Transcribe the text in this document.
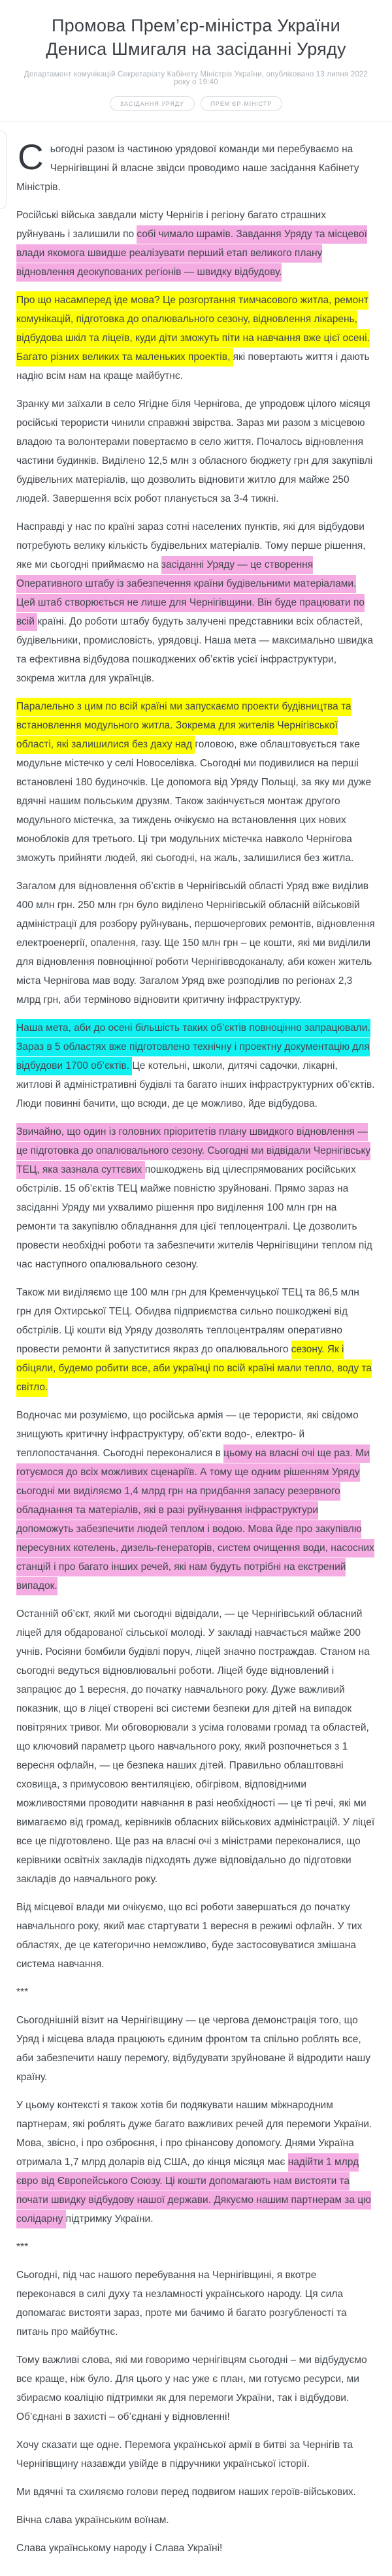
Промова Прем’єр-міністра України Дениса Шмигаля на засіданні Уряду
Департамент комунікацій Секретаріату Кабінету Міністрів України, опубліковано 13 липня 2022 року о 19:40
ЗАСІДАННЯ УРЯДУ	ПРЕМ’ЄР-МІНІСТР

Сьогодні разом із частиною урядової команди ми перебуваємо на Чернігівщині й власне звідси проводимо наше засідання Кабінету Міністрів.

Російські війська завдали місту Чернігів і регіону багато страшних руйнувань і залишили по собі чимало шрамів. Завдання Уряду та місцевої влади якомога швидше реалізувати перший етап великого плану відновлення деокупованих регіонів — швидку відбудову.

Про що насамперед іде мова? Це розгортання тимчасового житла, ремонт комунікацій, підготовка до опалювального сезону, відновлення лікарень, відбудова шкіл та ліцеїв, куди діти зможуть піти на навчання вже цієї осені. Багато різних великих та маленьких проектів, які повертають життя і дають надію всім нам на краще майбутнє.

Зранку ми заїхали в село Ягідне біля Чернігова, де упродовж цілого місяця російські терористи чинили справжні звірства. Зараз ми разом з місцевою владою та волонтерами повертаємо в село життя. Почалось відновлення частини будинків. Виділено 12,5 млн з обласного бюджету грн для закупівлі будівельних матеріалів, що дозволить відновити житло для майже 250 людей. Завершення всіх робот планується за 3-4 тижні.

Насправді у нас по країні зараз сотні населених пунктів, які для відбудови потребують велику кількість будівельних матеріалів. Тому перше рішення, яке ми сьогодні приймаємо на засіданні Уряду — це створення Оперативного штабу із забезпечення країни будівельними матеріалами. Цей штаб створюється не лише для Чернігівщини. Він буде працювати по всій країні. До роботи штабу будуть залучені представники всіх областей, будівельники, промисловість, урядовці. Наша мета — максимально швидка та ефективна відбудова пошкоджених об’єктів усієї інфраструктури, зокрема житла для українців.

Паралельно з цим по всій країні ми запускаємо проекти будівництва та встановлення модульного житла. Зокрема для жителів Чернігівської області, які залишилися без даху над головою, вже облаштовується таке модульне містечко у селі Новоселівка. Сьогодні ми подивилися на перші встановлені 180 будиночків. Це допомога від Уряду Польщі, за яку ми дуже вдячні нашим польським друзям. Також закінчується монтаж другого модульного містечка, за тиждень очікуємо на встановлення цих нових моноблоків для третього. Ці три модульних містечка навколо Чернігова зможуть прийняти людей, які сьогодні, на жаль, залишилися без житла.

Загалом для відновлення об’єктів в Чернігівській області Уряд вже виділив 400 млн грн. 250 млн грн було виділено Чернігівській обласній військовій адміністрації для розбору руйнувань, першочергових ремонтів, відновлення електроенергії, опалення, газу. Ще 150 млн грн – це кошти, які ми виділили для відновлення повноцінної роботи Чернігівводоканалу, аби кожен житель міста Чернігова мав воду. Загалом Уряд вже розподілив по регіонах 2,3 млрд грн, аби терміново відновити критичну інфраструктуру.

Наша мета, аби до осені більшість таких об’єктів повноцінно запрацювали. Зараз в 5 областях вже підготовлено технічну і проектну документацію для відбудови 1700 об’єктів. Це котельні, школи, дитячі садочки, лікарні, житлові й адміністративні будівлі та багато інших інфраструктурних об’єктів. Люди повинні бачити, що всюди, де це можливо, йде відбудова.

Звичайно, що один із головних пріоритетів плану швидкого відновлення — це підготовка до опалювального сезону. Сьогодні ми відвідали Чернігівську ТЕЦ, яка зазнала суттєвих пошкоджень від цілеспрямованих російських обстрілів. 15 об’єктів ТЕЦ майже повністю зруйновані. Прямо зараз на засіданні Уряду ми ухвалимо рішення про виділення 100 млн грн на ремонти та закупівлю обладнання для цієї теплоцентралі. Це дозволить провести необхідні роботи та забезпечити жителів Чернігівщини теплом під час наступного опалювального сезону.

Також ми виділяємо ще 100 млн грн для Кременчуцької ТЕЦ та 86,5 млн грн для Охтирської ТЕЦ. Обидва підприємства сильно пошкоджені від обстрілів. Ці кошти від Уряду дозволять теплоцентралям оперативно провести ремонти й запуститися якраз до опалювального сезону. Як і обіцяли, будемо робити все, аби українці по всій країні мали тепло, воду та світло.

Водночас ми розуміємо, що російська армія — це терористи, які свідомо знищують критичну інфраструктуру, об’єкти водо-, електро- й теплопостачання. Сьогодні переконалися в цьому на власні очі ще раз. Ми готуємося до всіх можливих сценаріїв. А тому ще одним рішенням Уряду сьогодні ми виділяємо 1,4 млрд грн на придбання запасу резервного обладнання та матеріалів, які в разі руйнування інфраструктури допоможуть забезпечити людей теплом і водою. Мова йде про закупівлю пересувних котелень, дизель-генераторів, систем очищення води, насосних станцій і про багато інших речей, які нам будуть потрібні на екстрений випадок.

Останній об’єкт, який ми сьогодні відвідали, — це Чернігівський обласний ліцей для обдарованої сільської молоді. У закладі навчається майже 200 учнів. Росіяни бомбили будівлі поруч, ліцей значно постраждав. Станом на сьогодні ведуться відновлювальні роботи. Ліцей буде відновлений і запрацює до 1 вересня, до початку навчального року. Дуже важливий показник, що в ліцеї створені всі системи безпеки для дітей на випадок повітряних тривог. Ми обговорювали з усіма головами громад та областей, що ключовий параметр цього навчального року, який розпочнеться з 1 вересня офлайн, — це безпека наших дітей. Правильно облаштовані сховища, з примусовою вентиляцією, обігрівом, відповідними можливостями проводити навчання в разі необхідності — це ті речі, які ми вимагаємо від громад, керівників обласних військових адміністрацій. У ліцеї все це підготовлено. Ще раз на власні очі з міністрами переконалися, що керівники освітніх закладів підходять дуже відповідально до підготовки закладів до навчального року.

Від місцевої влади ми очікуємо, що всі роботи завершаться до початку навчального року, який має стартувати 1 вересня в режимі офлайн. У тих областях, де це категорично неможливо, буде застосовуватися змішана система навчання.

***

Сьогоднішній візит на Чернігівщину — це чергова демонстрація того, що Уряд і місцева влада працюють єдиним фронтом та спільно роблять все, аби забезпечити нашу перемогу, відбудувати зруйноване й відродити нашу країну.

У цьому контексті я також хотів би подякувати нашим міжнародним партнерам, які роблять дуже багато важливих речей для перемоги України. Мова, звісно, і про озброєння, і про фінансову допомогу. Днями Україна отримала 1,7 млрд доларів від США, до кінця місяця має надійти 1 млрд євро від Європейського Союзу. Ці кошти допомагають нам вистояти та почати швидку відбудову нашої держави. Дякуємо нашим партнерам за цю солідарну підтримку України.

***

Сьогодні, під час нашого перебування на Чернігівщині, я вкотре переконався в силі духу та незламності українського народу. Ця сила допомагає вистояти зараз, проте ми бачимо й багато розгубленості та питань про майбутнє.

Тому важливі слова, які ми говоримо чернігівцям сьогодні – ми відбудуємо все краще, ніж було. Для цього у нас уже є план, ми готуємо ресурси, ми збираємо коаліцію підтримки як для перемоги України, так і відбудови. Об’єднані в захисті – об’єднані у відновленні!

Хочу сказати ще одне. Перемога української армії в битві за Чернігів та Чернігівщину назавжди увійде в підручники української історії.

Ми вдячні та схиляємо голови перед подвигом наших героїв-військових.

Вічна слава українським воїнам.

Слава українському народу і Слава Україні!
